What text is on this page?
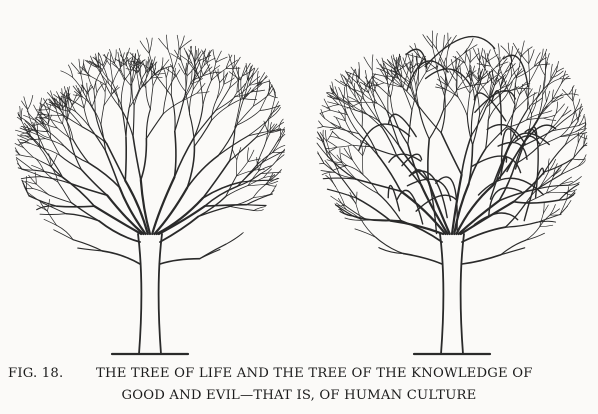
FIG. 18. THE TREE OF LIFE AND THE TREE OF THE KNOWLEDGE OF
GOOD AND EVIL—THAT IS, OF HUMAN CULTURE
